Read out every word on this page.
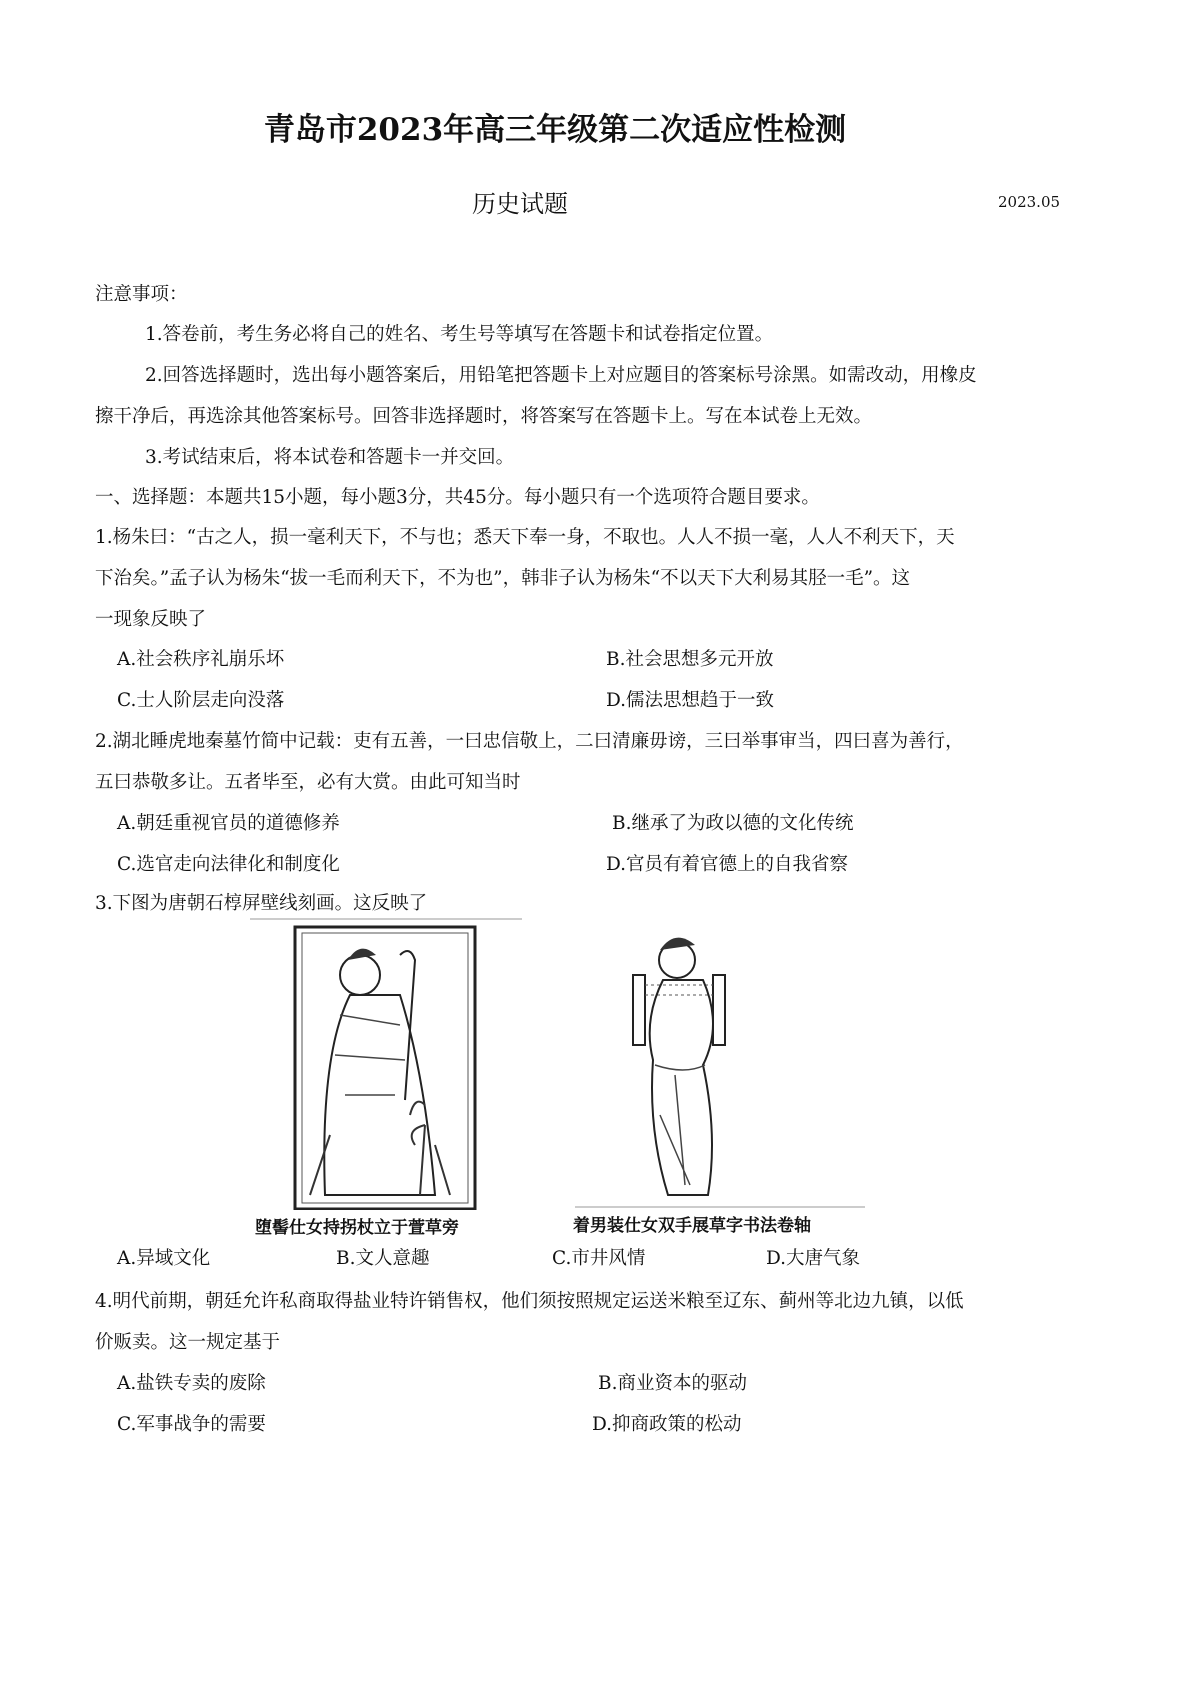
青岛市2023年高三年级第二次适应性检测
历史试题	2023.05
注意事项：
1.答卷前，考生务必将自己的姓名、考生号等填写在答题卡和试卷指定位置。
2.回答选择题时，选出每小题答案后，用铅笔把答题卡上对应题目的答案标号涂黑。如需改动，用橡皮
擦干净后，再选涂其他答案标号。回答非选择题时，将答案写在答题卡上。写在本试卷上无效。
3.考试结束后，将本试卷和答题卡一并交回。
一、选择题：本题共15小题，每小题3分，共45分。每小题只有一个选项符合题目要求。
1.杨朱曰：“古之人，损一毫利天下，不与也；悉天下奉一身，不取也。人人不损一毫，人人不利天下，天
下治矣。”孟子认为杨朱“拔一毛而利天下，不为也”，韩非子认为杨朱“不以天下大利易其胫一毛”。这
一现象反映了
A.社会秩序礼崩乐坏	B.社会思想多元开放
C.士人阶层走向没落	D.儒法思想趋于一致
2.湖北睡虎地秦墓竹简中记载：吏有五善，一曰忠信敬上，二曰清廉毋谤，三曰举事审当，四曰喜为善行，
五曰恭敬多让。五者毕至，必有大赏。由此可知当时
A.朝廷重视官员的道德修养	B.继承了为政以德的文化传统
C.选官走向法律化和制度化	D.官员有着官德上的自我省察
3.下图为唐朝石椁屏壁线刻画。这反映了
堕髻仕女持拐杖立于萱草旁	着男装仕女双手展草字书法卷轴
A.异域文化	B.文人意趣	C.市井风情	D.大唐气象
4.明代前期，朝廷允许私商取得盐业特许销售权，他们须按照规定运送米粮至辽东、蓟州等北边九镇，以低
价贩卖。这一规定基于
A.盐铁专卖的废除	B.商业资本的驱动
C.军事战争的需要	D.抑商政策的松动
